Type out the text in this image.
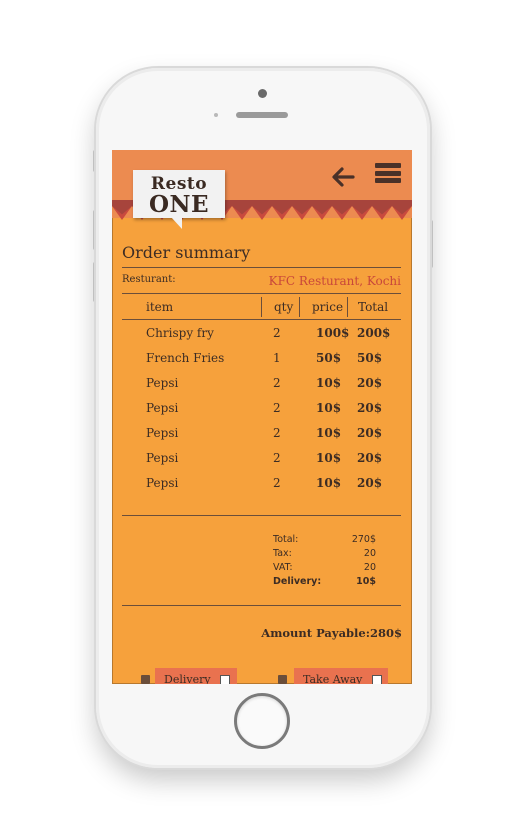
Resto
ONE
Order summary
Resturant:	KFC Resturant, Kochi
item	qty price Total
Chrispy fry	2	100$ 200$
French Fries	1	50$ 50$
Pepsi	2	10$ 20$
Pepsi	2	10$ 20$
Pepsi	2	10$ 20$
Pepsi	2	10$ 20$
Pepsi	2	10$ 20$
Total:	270$
Tax:	20
VAT:	20
Delivery:	10$
Amount Payable:280$
Delivery	Take Away
